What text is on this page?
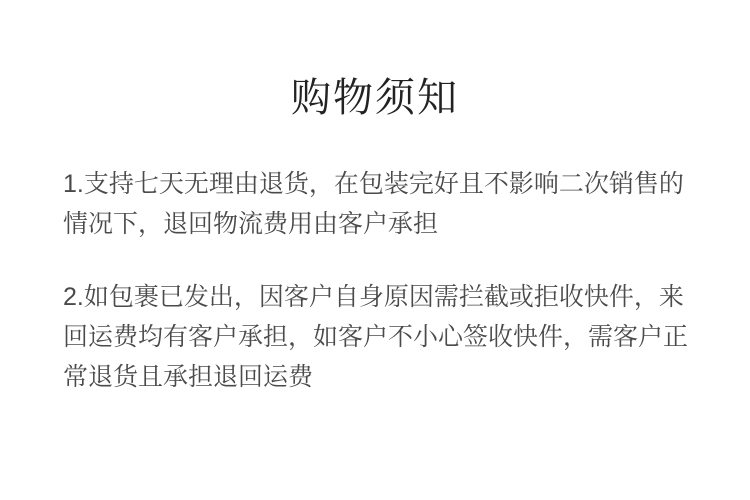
购物须知
1.支持七天无理由退货，在包装完好且不影响二次销售的
情况下，退回物流费用由客户承担
2.如包裹已发出，因客户自身原因需拦截或拒收快件，来
回运费均有客户承担，如客户不小心签收快件，需客户正
常退货且承担退回运费
